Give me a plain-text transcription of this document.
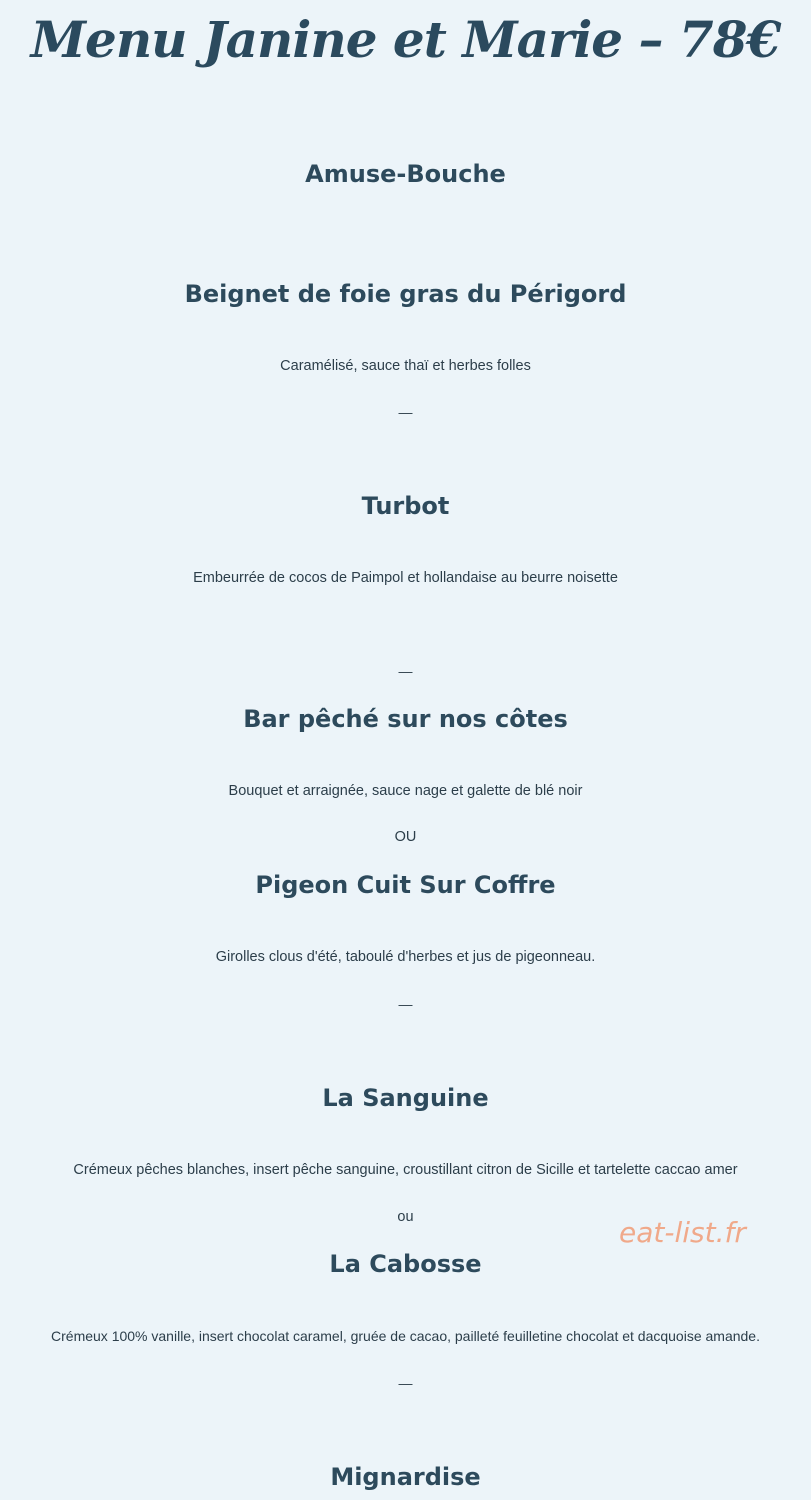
Menu Janine et Marie – 78€
Amuse-Bouche
Beignet de foie gras du Périgord
Caramélisé, sauce thaï et herbes folles
—
Turbot
Embeurrée de cocos de Paimpol et hollandaise au beurre noisette
—
Bar pêché sur nos côtes
Bouquet et arraignée, sauce nage et galette de blé noir
OU
Pigeon Cuit Sur Coffre
Girolles clous d'été, taboulé d'herbes et jus de pigeonneau.
—
La Sanguine
Crémeux pêches blanches, insert pêche sanguine, croustillant citron de Sicille et tartelette caccao amer
ou
La Cabosse
Crémeux 100% vanille, insert chocolat caramel, gruée de cacao, pailleté feuilletine chocolat et dacquoise amande.
—
Mignardise
eat-list.fr
